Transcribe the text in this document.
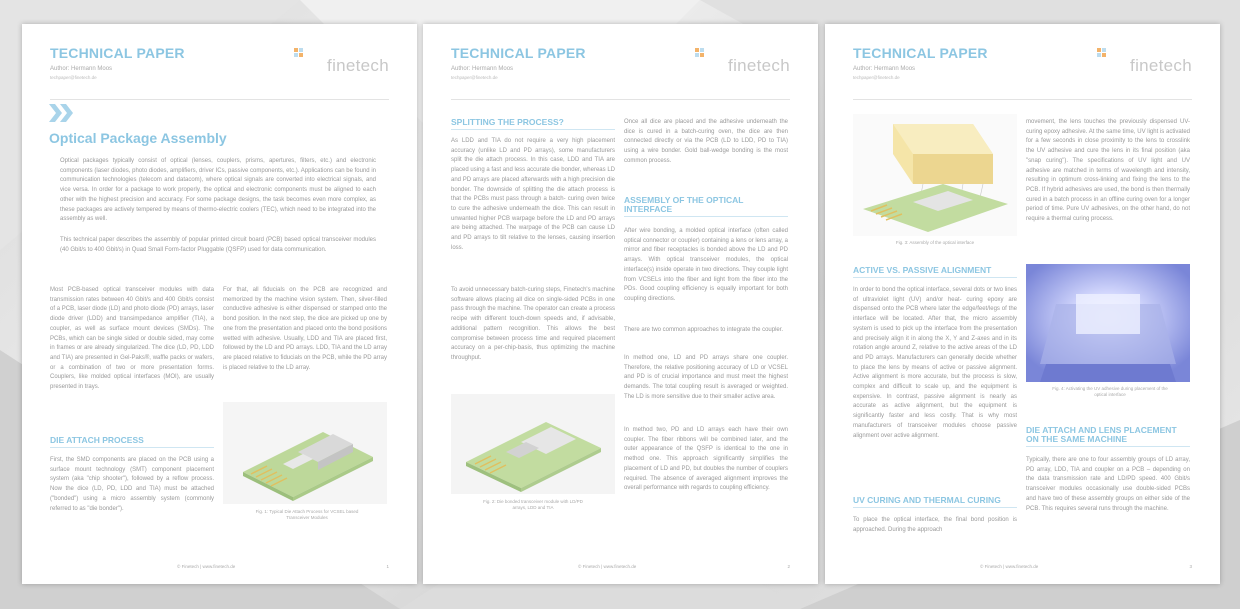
TECHNICAL PAPER
Author: Hermann Moos
techpaper@finetech.de
finetech
Optical Package Assembly
Optical packages typically consist of optical (lenses, couplers, prisms, apertures, filters, etc.) and electronic components (laser diodes, photo diodes, amplifiers, driver ICs, passive components, etc.). Applications can be found in communication technologies (telecom and datacom), where optical signals are converted into electrical signals, and vice versa. In order for a package to work properly, the optical and electronic components must be aligned to each other with the highest precision and accuracy. For some package designs, the task becomes even more complex, as these packages are actively tempered by means of thermo-electric coolers (TEC), which need to be integrated into the assembly as well.
This technical paper describes the assembly of popular printed circuit board (PCB) based optical transceiver modules (40 Gbit/s to 400 Gbit/s) in Quad Small Form-factor Pluggable (QSFP) used for data communication.
Most PCB-based optical transceiver modules with data transmission rates between 40 Gbit/s and 400 Gbit/s consist of a PCB, laser diode (LD) and photo diode (PD) arrays, laser diode driver (LDD) and transimpedance amplifier (TIA), a coupler, as well as surface mount devices (SMDs). The PCBs, which can be single sided or double sided, may come in frames or are already singularized. The dice (LD, PD, LDD and TIA) are presented in Gel-Paks®, waffle packs or wafers, or a combination of two or more presentation forms. Couplers, like molded optical interfaces (MOI), are usually presented in trays.
DIE ATTACH PROCESS
First, the SMD components are placed on the PCB using a surface mount technology (SMT) component placement system (aka "chip shooter"), followed by a reflow process. Now the dice (LD, PD, LDD and TIA) must be attached ("bonded") using a micro assembly system (commonly referred to as "die bonder").
For that, all fiducials on the PCB are recognized and memorized by the machine vision system. Then, silver-filled conductive adhesive is either dispensed or stamped onto the bond position. In the next step, the dice are picked up one by one from the presentation and placed onto the bond positions wetted with adhesive. Usually, LDD and TIA are placed first, followed by the LD and PD arrays. LDD, TIA and the LD array are placed relative to fiducials on the PCB, while the PD array is placed relative to the LD array.
Fig. 1: Typical Die Attach Process for VCSEL based Transceiver Modules
© Finetech | www.finetech.de	1
TECHNICAL PAPER
Author: Hermann Moos
techpaper@finetech.de
finetech
SPLITTING THE PROCESS?
As LDD and TIA do not require a very high placement accuracy (unlike LD and PD arrays), some manufacturers split the die attach process. In this case, LDD and TIA are placed using a fast and less accurate die bonder, whereas LD and PD arrays are placed afterwards with a high precision die bonder. The downside of splitting the die attach process is that the PCBs must pass through a batch- curing oven twice to cure the adhesive underneath the dice. This can result in unwanted higher PCB warpage before the LD and PD arrays are being attached. The warpage of the PCB can cause LD and PD arrays to tilt relative to the lenses, causing insertion loss.
To avoid unnecessary batch-curing steps, Finetech's machine software allows placing all dice on single-sided PCBs in one pass through the machine. The operator can create a process recipe with different touch-down speeds and, if advisable, additional pattern recognition. This allows the best compromise between process time and required placement accuracy on a per-chip-basis, thus optimizing the machine throughput.
Fig. 2: Die bonded transceiver module with LD/PD arrays, LDD and TIA
Once all dice are placed and the adhesive underneath the dice is cured in a batch-curing oven, the dice are then connected directly or via the PCB (LD to LDD, PD to TIA) using a wire bonder. Gold ball-wedge bonding is the most common process.
ASSEMBLY OF THE OPTICAL INTERFACE
After wire bonding, a molded optical interface (often called optical connector or coupler) containing a lens or lens array, a mirror and fiber receptacles is bonded above the LD and PD arrays. With optical transceiver modules, the optical interface(s) inside operate in two directions. They couple light from VCSELs into the fiber and light from the fiber into the PDs. Good coupling efficiency is equally important for both coupling directions.
There are two common approaches to integrate the coupler.
In method one, LD and PD arrays share one coupler. Therefore, the relative positioning accuracy of LD or VCSEL and PD is of crucial importance and must meet the highest demands. The total coupling result is averaged or weighted. The LD is more sensitive due to their smaller active area.
In method two, PD and LD arrays each have their own coupler. The fiber ribbons will be combined later, and the outer appearance of the QSFP is identical to the one in method one. This approach significantly simplifies the placement of LD and PD, but doubles the number of couplers required. The absence of averaged alignment improves the overall performance with regards to coupling efficiency.
© Finetech | www.finetech.de	2
TECHNICAL PAPER
Author: Hermann Moos
techpaper@finetech.de
finetech
Fig. 3: Assembly of the optical interface
ACTIVE VS. PASSIVE ALIGNMENT
In order to bond the optical interface, several dots or two lines of ultraviolet light (UV) and/or heat- curing epoxy are dispensed onto the PCB where later the edge/feet/legs of the interface will be located. After that, the micro assembly system is used to pick up the interface from the presentation and precisely align it in along the X, Y and Z-axes and in its rotation angle around Z, relative to the active areas of the LD and PD arrays. Manufacturers can generally decide whether to place the lens by means of active or passive alignment. Active alignment is more accurate, but the process is slow, complex and difficult to scale up, and the equipment is expensive. In contrast, passive alignment is nearly as accurate as active alignment, but the equipment is significantly faster and less costly. That is why most manufacturers of transceiver modules choose passive alignment over active alignment.
UV CURING AND THERMAL CURING
To place the optical interface, the final bond position is approached. During the approach
movement, the lens touches the previously dispensed UV-curing epoxy adhesive. At the same time, UV light is activated for a few seconds in close proximity to the lens to crosslink the UV adhesive and cure the lens in its final position (aka "snap curing"). The specifications of UV light and UV adhesive are matched in terms of wavelength and intensity, resulting in optimum cross-linking and fixing the lens to the PCB. If hybrid adhesives are used, the bond is then thermally cured in a batch process in an offline curing oven for a longer period of time. Pure UV adhesives, on the other hand, do not require a thermal curing process.
Fig. 4: Activating the UV adhesive during placement of the optical interface
DIE ATTACH AND LENS PLACEMENT ON THE SAME MACHINE
Typically, there are one to four assembly groups of LD array, PD array, LDD, TIA and coupler on a PCB – depending on the data transmission rate and LD/PD speed. 400 Gbit/s transceiver modules occasionally use double-sided PCBs and have two of these assembly groups on either side of the PCB. This requires several runs through the machine.
© Finetech | www.finetech.de	3
